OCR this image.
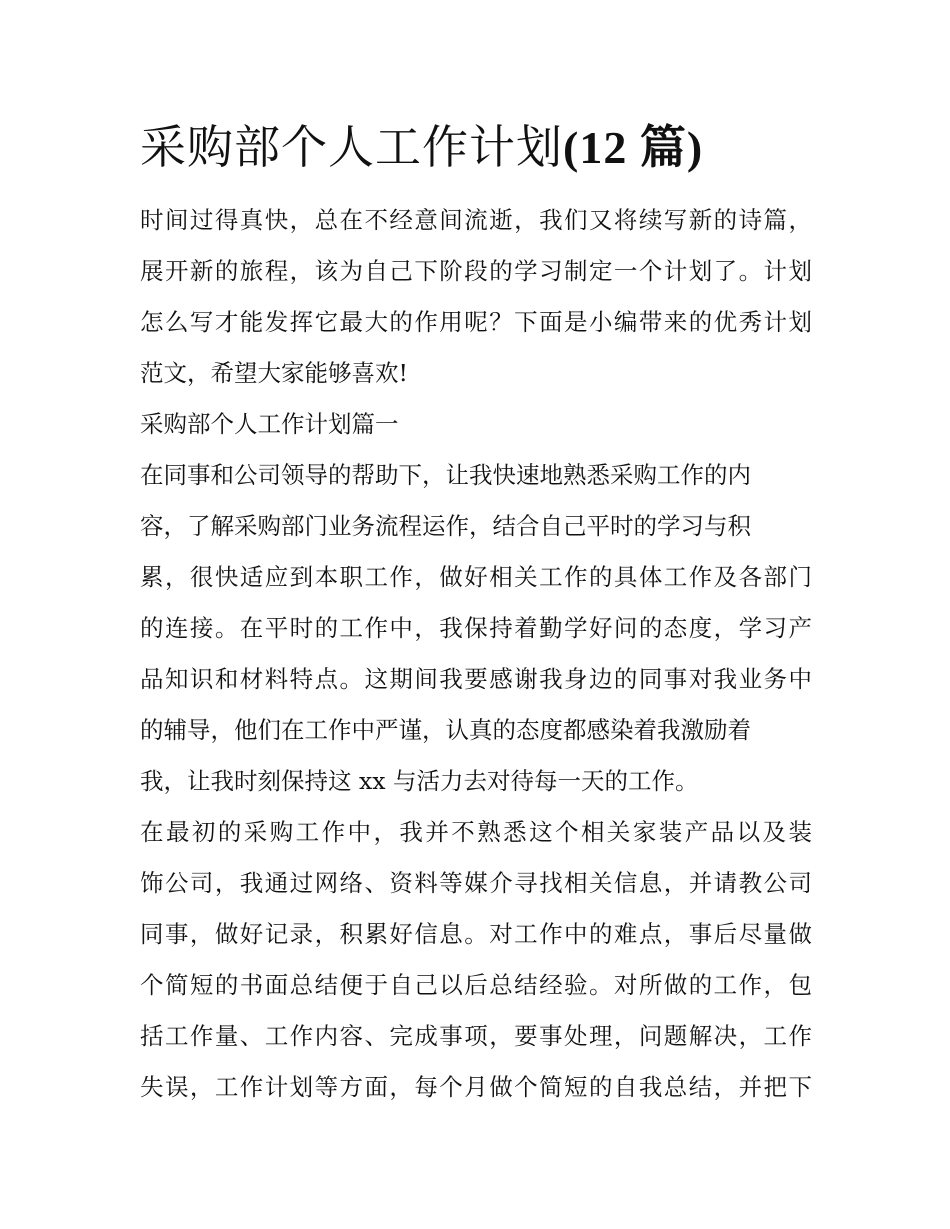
采购部个人工作计划(12 篇)
时间过得真快，总在不经意间流逝，我们又将续写新的诗篇，
展开新的旅程，该为自己下阶段的学习制定一个计划了。计划
怎么写才能发挥它最大的作用呢？下面是小编带来的优秀计划
范文，希望大家能够喜欢!
采购部个人工作计划篇一
在同事和公司领导的帮助下，让我快速地熟悉采购工作的内
容，了解采购部门业务流程运作，结合自己平时的学习与积
累，很快适应到本职工作，做好相关工作的具体工作及各部门
的连接。在平时的工作中，我保持着勤学好问的态度，学习产
品知识和材料特点。这期间我要感谢我身边的同事对我业务中
的辅导，他们在工作中严谨，认真的态度都感染着我激励着
我，让我时刻保持这 xx 与活力去对待每一天的工作。
在最初的采购工作中，我并不熟悉这个相关家装产品以及装
饰公司，我通过网络、资料等媒介寻找相关信息，并请教公司
同事，做好记录，积累好信息。对工作中的难点，事后尽量做
个简短的书面总结便于自己以后总结经验。对所做的工作，包
括工作量、工作内容、完成事项，要事处理，问题解决，工作
失误，工作计划等方面，每个月做个简短的自我总结，并把下
